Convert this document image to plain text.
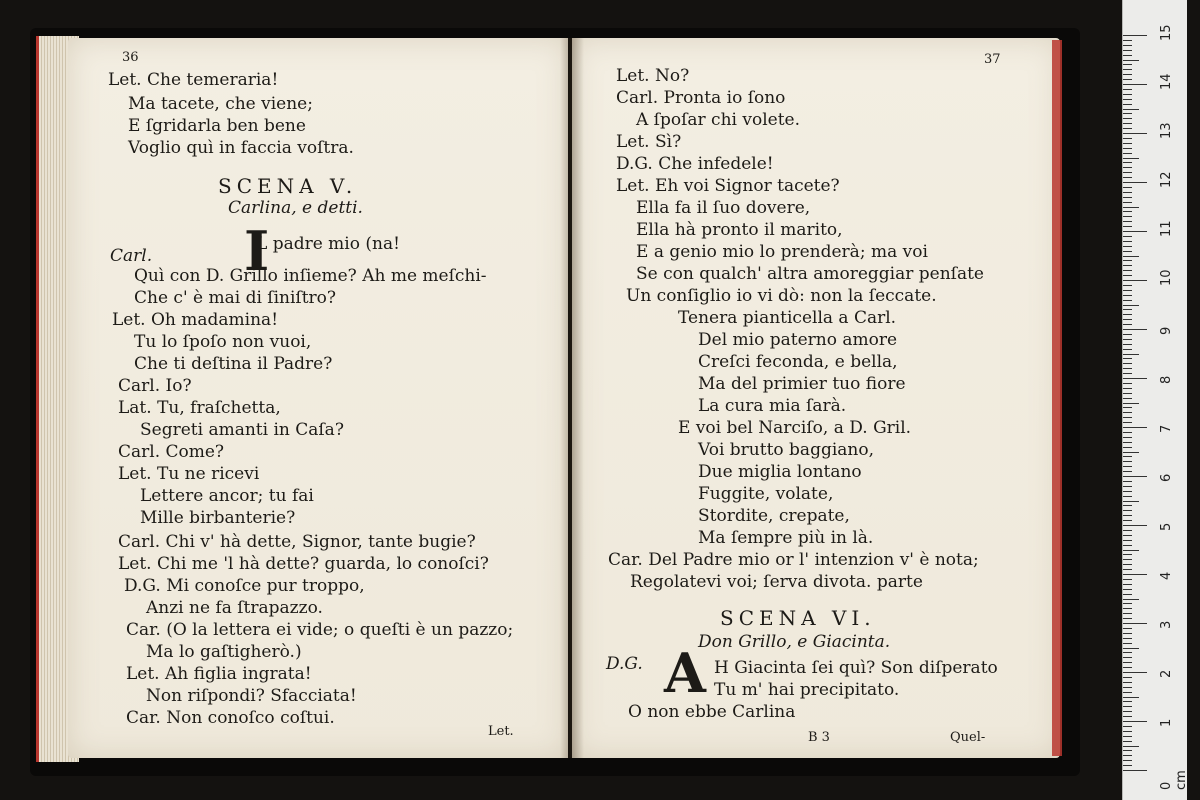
36
Let. Che temeraria!
Ma tacete, che viene;
E ſgridarla ben bene
Voglio quì in faccia voſtra.
SCENA V.
Carlina, e detti.
L padre mio (na!
Carl.
Quì con D. Grillo inſieme? Ah me meſchi-
Che c' è mai di ſiniſtro?
Let. Oh madamina!
Tu lo ſpoſo non vuoi,
Che ti deſtina il Padre?
Carl. Io?
Lat. Tu, fraſchetta,
Segreti amanti in Caſa?
Carl. Come?
Let. Tu ne ricevi
Lettere ancor; tu fai
Mille birbanterie?
Carl. Chi v' hà dette, Signor, tante bugie?
Let. Chi me 'l hà dette? guarda, lo conoſci?
D.G. Mi conoſce pur troppo,
Anzi ne fa ſtrapazzo.
Car. (O la lettera ei vide; o queſti è un pazzo;
Ma lo gaſtigherò.)
Let. Ah figlia ingrata!
Non riſpondi? Sfacciata!
Car. Non conoſco coſtui.
Let.
I
37
Let. No?
Carl. Pronta io ſono
A ſpoſar chi volete.
Let. Sì?
D.G. Che infedele!
Let. Eh voi Signor tacete?
Ella fa il ſuo dovere,
Ella hà pronto il marito,
E a genio mio lo prenderà; ma voi
Se con qualch' altra amoreggiar penſate
Un conſiglio io vi dò: non la ſeccate.
Tenera pianticella a Carl.
Del mio paterno amore
Creſci feconda, e bella,
Ma del primier tuo fiore
La cura mia ſarà.
E voi bel Narciſo, a D. Gril.
Voi brutto baggiano,
Due miglia lontano
Fuggite, volate,
Stordite, crepate,
Ma ſempre più in là.
Car. Del Padre mio or l' intenzion v' è nota;
Regolatevi voi; ſerva divota. parte
SCENA VI.
Don Grillo, e Giacinta.
D.G.	H Giacinta ſei quì? Son diſperato
Tu m' hai precipitato.
O non ebbe Carlina
B 3	Quel-
A
0 cm
1
2
3
4
5
6
7
8
9
10
11
12
13
14
15
